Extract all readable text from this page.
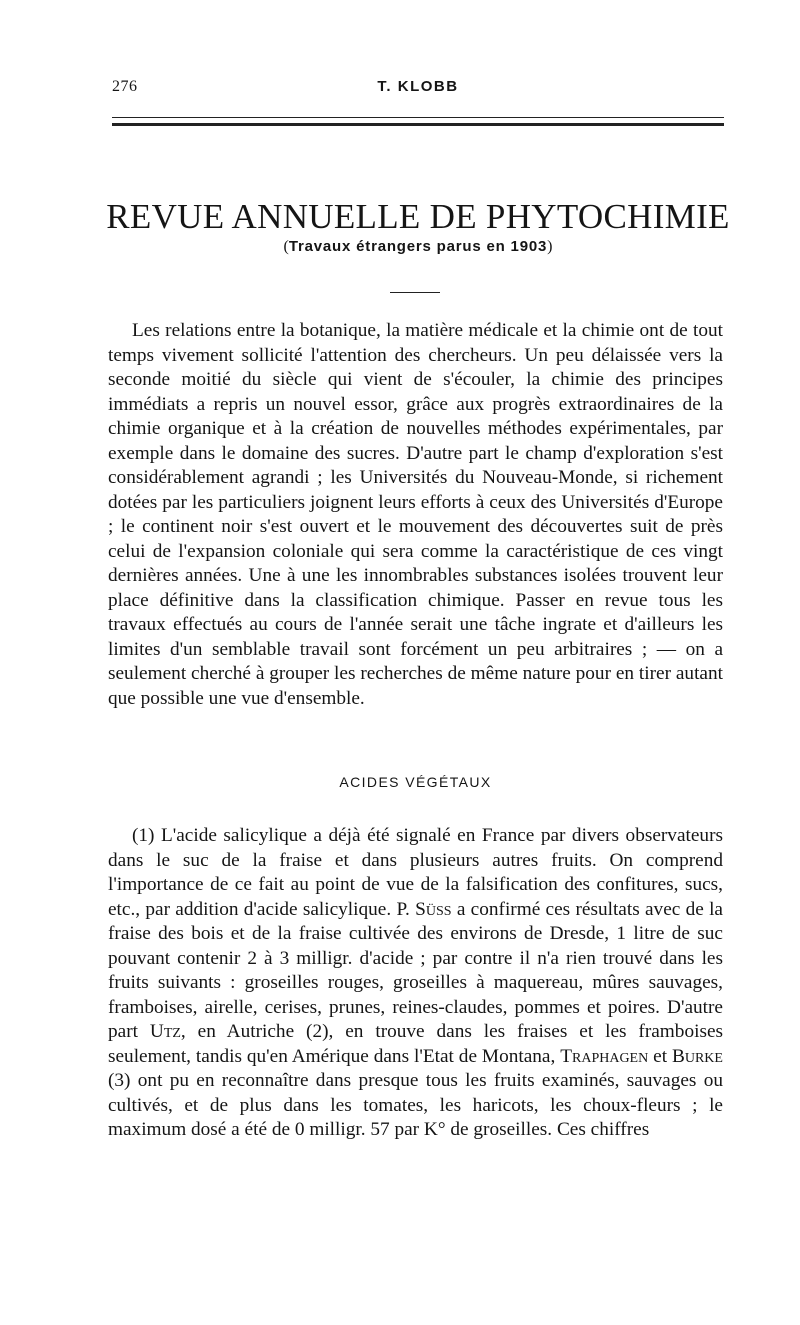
276	T. KLOBB
REVUE ANNUELLE DE PHYTOCHIMIE
(Travaux étrangers parus en 1903)

Les relations entre la botanique, la matière médicale et la chimie ont de tout temps vivement sollicité l'attention des chercheurs. Un peu délaissée vers la seconde moitié du siècle qui vient de s'écouler, la chimie des principes immédiats a repris un nouvel essor, grâce aux progrès extraordinaires de la chimie organique et à la création de nouvelles méthodes expérimentales, par exemple dans le domaine des sucres. D'autre part le champ d'exploration s'est considérablement agrandi ; les Universités du Nouveau-Monde, si richement dotées par les particuliers joignent leurs efforts à ceux des Universités d'Europe ; le continent noir s'est ouvert et le mouvement des découvertes suit de près celui de l'expansion coloniale qui sera comme la caractéristique de ces vingt dernières années. Une à une les innombrables substances isolées trouvent leur place définitive dans la classification chimique. Passer en revue tous les travaux effectués au cours de l'année serait une tâche ingrate et d'ailleurs les limites d'un semblable travail sont forcément un peu arbitraires ; — on a seulement cherché à grouper les recherches de même nature pour en tirer autant que possible une vue d'ensemble.

ACIDES VÉGÉTAUX

(1) L'acide salicylique a déjà été signalé en France par divers observateurs dans le suc de la fraise et dans plusieurs autres fruits. On comprend l'importance de ce fait au point de vue de la falsification des confitures, sucs, etc., par addition d'acide salicylique. P. Süss a confirmé ces résultats avec de la fraise des bois et de la fraise cultivée des environs de Dresde, 1 litre de suc pouvant contenir 2 à 3 milligr. d'acide ; par contre il n'a rien trouvé dans les fruits suivants : groseilles rouges, groseilles à maquereau, mûres sauvages, framboises, airelle, cerises, prunes, reines-claudes, pommes et poires. D'autre part Utz, en Autriche (2), en trouve dans les fraises et les framboises seulement, tandis qu'en Amérique dans l'Etat de Montana, Traphagen et Burke (3) ont pu en reconnaître dans presque tous les fruits examinés, sauvages ou cultivés, et de plus dans les tomates, les haricots, les choux-fleurs ; le maximum dosé a été de 0 milligr. 57 par K° de groseilles. Ces chiffres
